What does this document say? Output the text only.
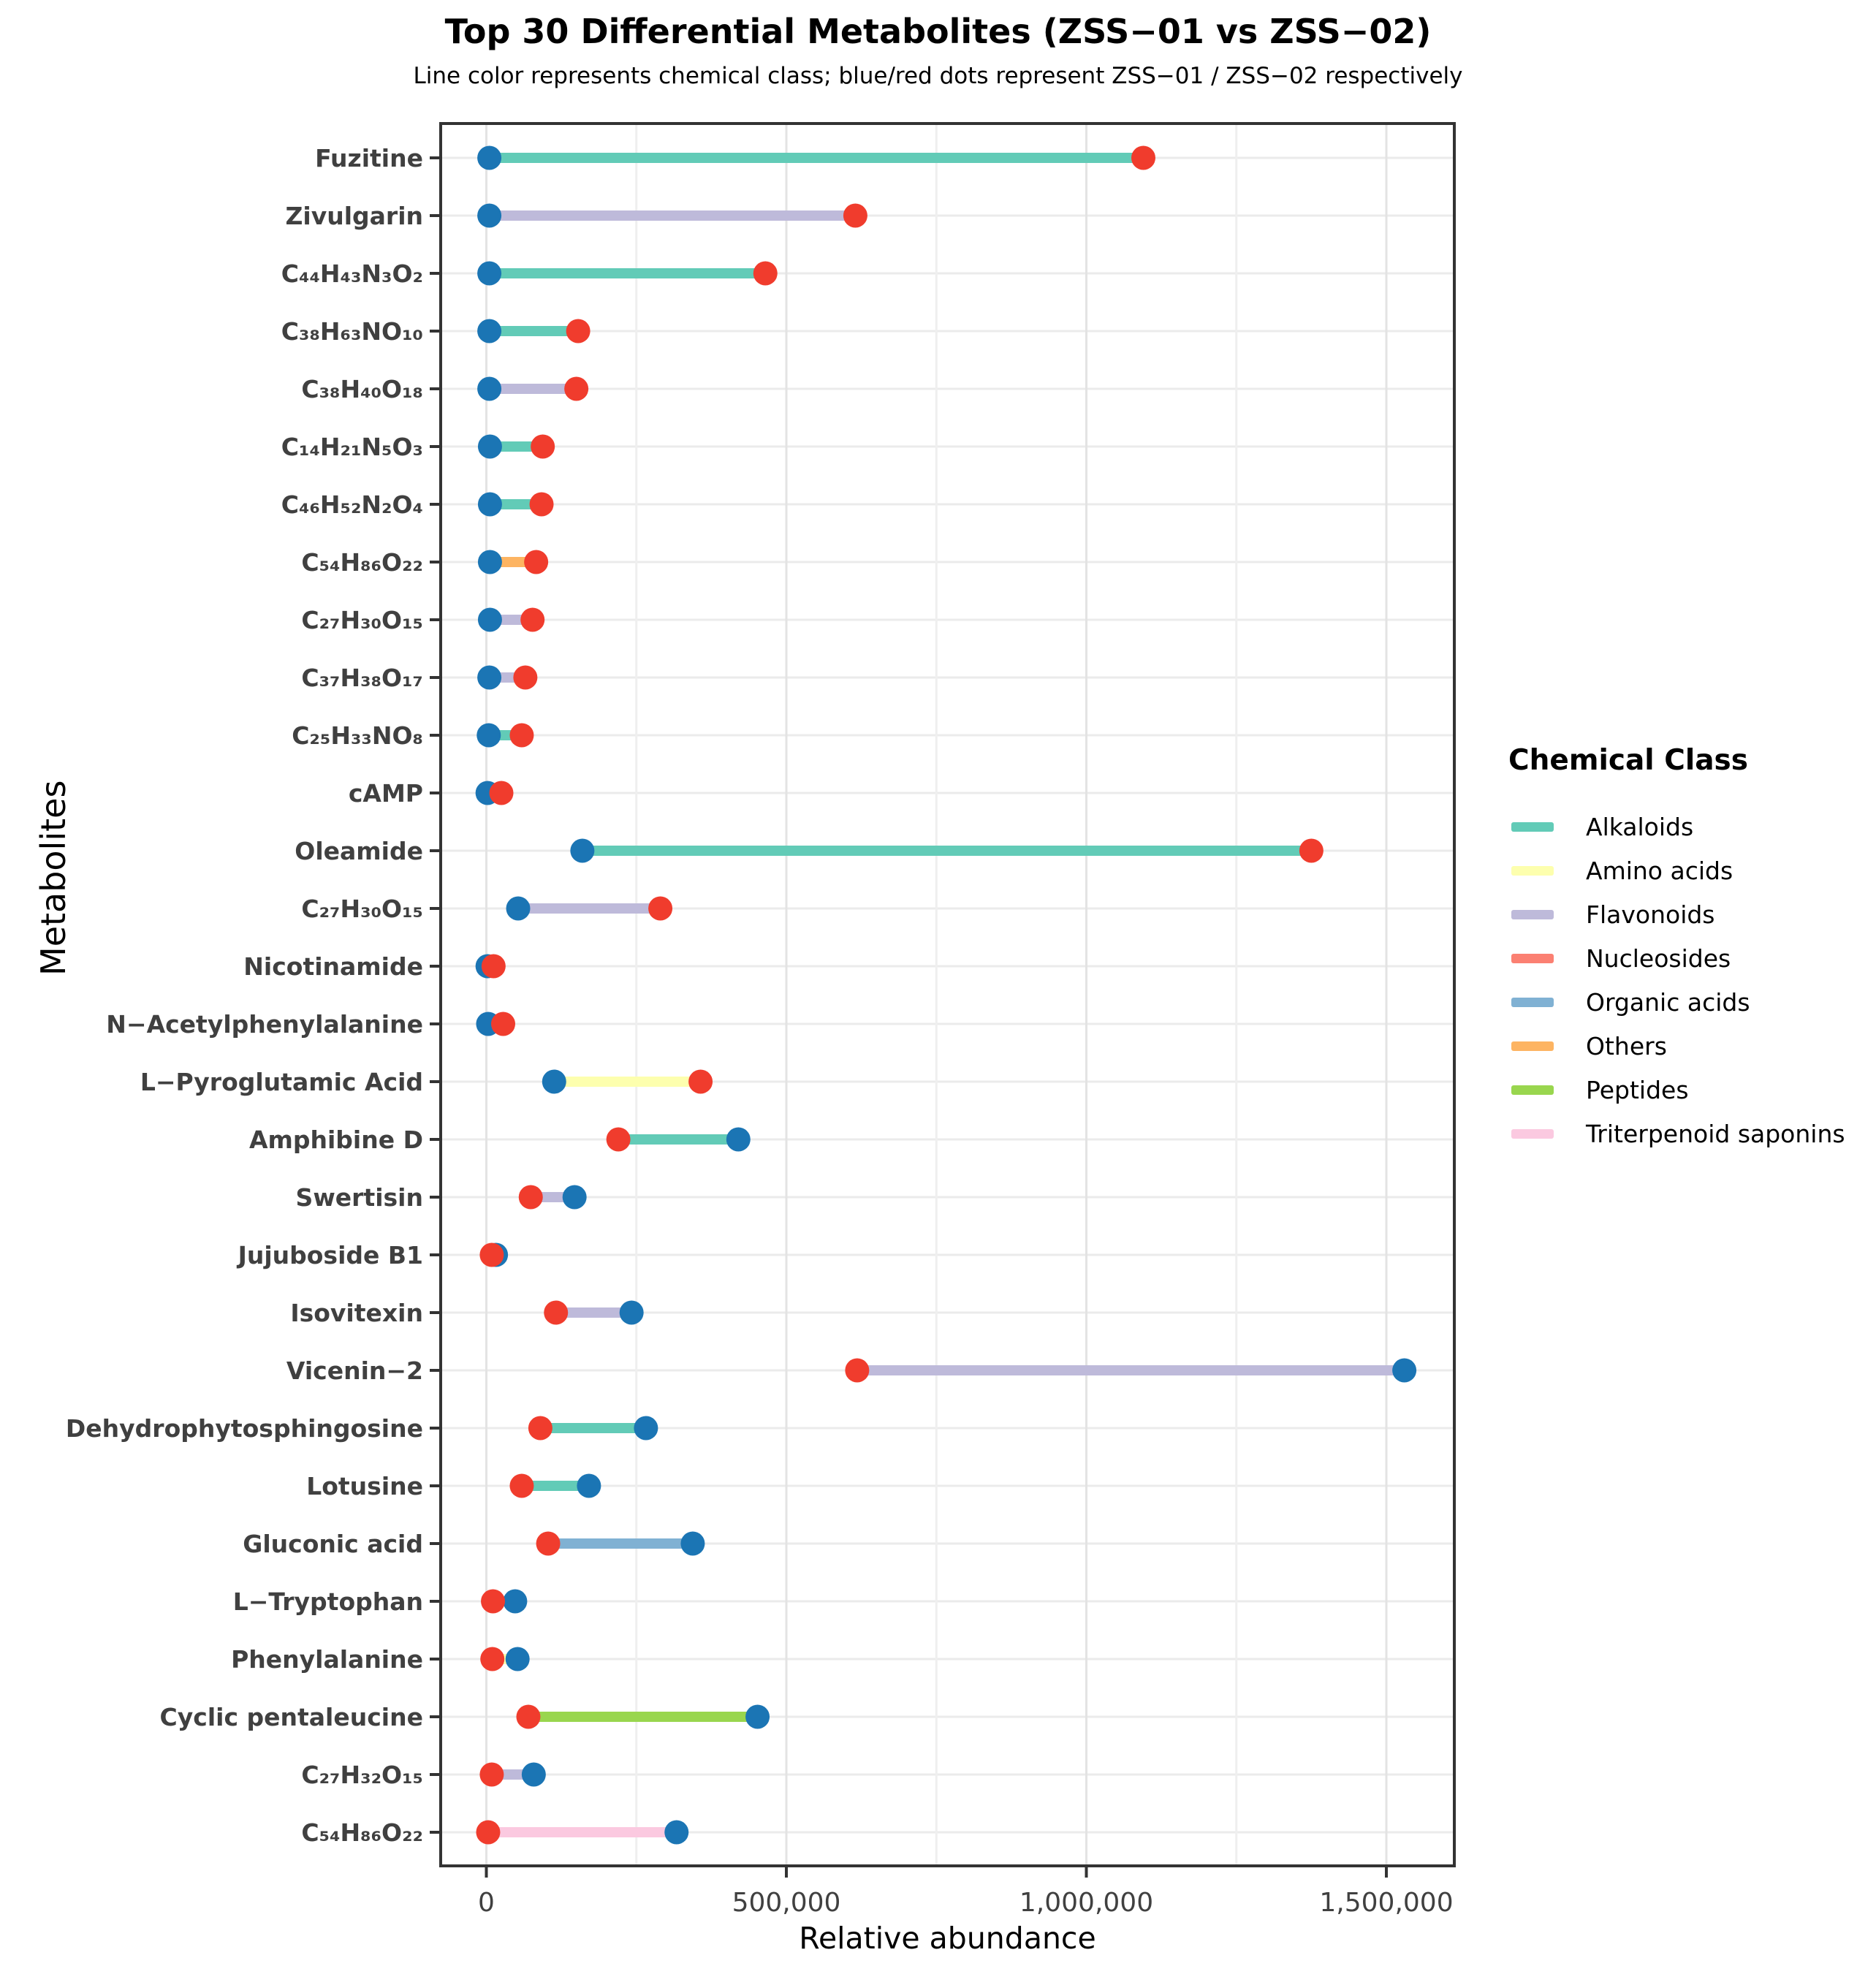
Top 30 Differential Metabolites (ZSS−01 vs ZSS−02)
Line color represents chemical class; blue/red dots represent ZSS−01 / ZSS−02 respectively
Fuzitine
Zivulgarin
C₄₄H₄₃N₃O₂
C₃₈H₆₃NO₁₀
C₃₈H₄₀O₁₈
C₁₄H₂₁N₅O₃
C₄₆H₅₂N₂O₄
C₅₄H₈₆O₂₂
C₂₇H₃₀O₁₅
C₃₇H₃₈O₁₇
C₂₅H₃₃NO₈
cAMP
Oleamide
C₂₇H₃₀O₁₅
Nicotinamide
N−Acetylphenylalanine
L−Pyroglutamic Acid
Amphibine D
Swertisin
Jujuboside B1
Isovitexin
Vicenin−2
Dehydrophytosphingosine
Lotusine
Gluconic acid
L−Tryptophan
Phenylalanine
Cyclic pentaleucine
C₂₇H₃₂O₁₅
C₅₄H₈₆O₂₂
0	500,000	1,000,000	1,500,000
Metabolites
Relative abundance
Chemical Class
Alkaloids
Amino acids
Flavonoids
Nucleosides
Organic acids
Others
Peptides
Triterpenoid saponins
